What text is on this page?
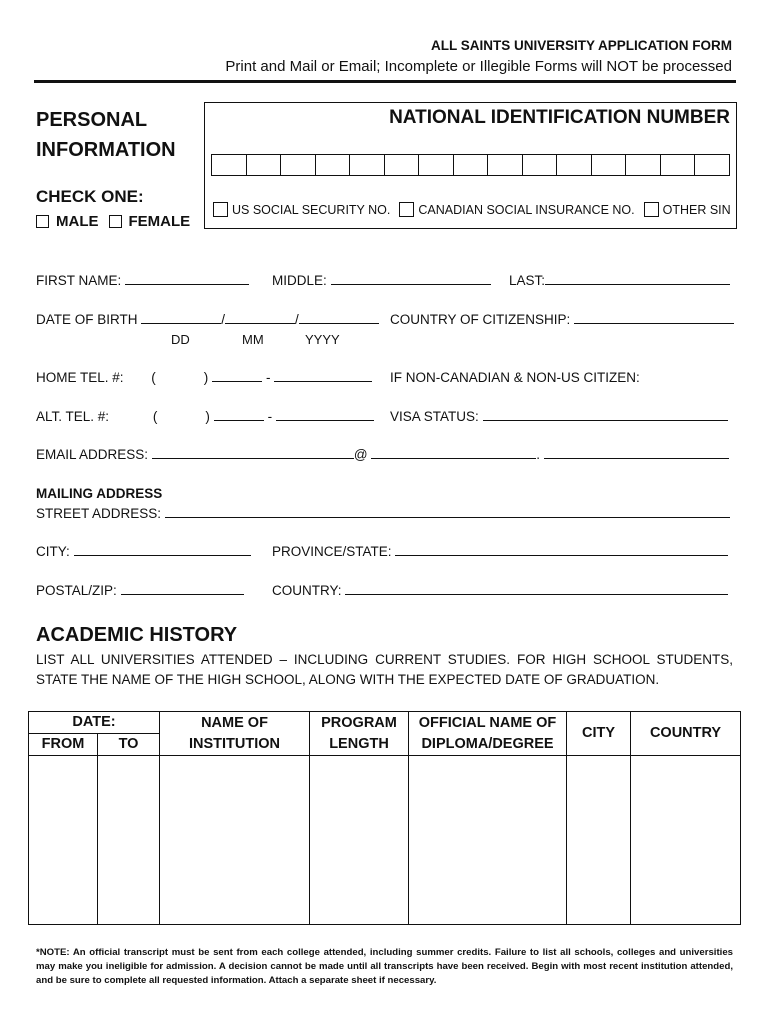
ALL SAINTS UNIVERSITY APPLICATION FORM
Print and Mail or Email; Incomplete or Illegible Forms will NOT be processed
PERSONAL
INFORMATION
CHECK ONE:
MALE FEMALE
NATIONAL IDENTIFICATION NUMBER
US SOCIAL SECURITY NO. CANADIAN SOCIAL INSURANCE NO. OTHER SIN
FIRST NAME:	MIDDLE:	LAST:
DATE OF BIRTH	/	/
DD	MM	YYYY
COUNTRY OF CITIZENSHIP:
HOME TEL. #: (	)	-	IF NON-CANADIAN & NON-US CITIZEN:
ALT. TEL. #:	(	)	-	VISA STATUS:
EMAIL ADDRESS:	@	.
MAILING ADDRESS
STREET ADDRESS:
CITY:	PROVINCE/STATE:
POSTAL/ZIP:	COUNTRY:
ACADEMIC HISTORY
LIST ALL UNIVERSITIES ATTENDED – INCLUDING CURRENT STUDIES. FOR HIGH SCHOOL STUDENTS, STATE THE NAME OF THE HIGH SCHOOL, ALONG WITH THE EXPECTED DATE OF GRADUATION.
DATE:		NAME OF INSTITUTION	PROGRAM LENGTH	OFFICIAL NAME OF DIPLOMA/DEGREE	CITY	COUNTRY
FROM	TO					

*NOTE: An official transcript must be sent from each college attended, including summer credits. Failure to list all schools, colleges and universities may make you ineligible for admission. A decision cannot be made until all transcripts have been received. Begin with most recent institution attended, and be sure to complete all requested information. Attach a separate sheet if necessary.
